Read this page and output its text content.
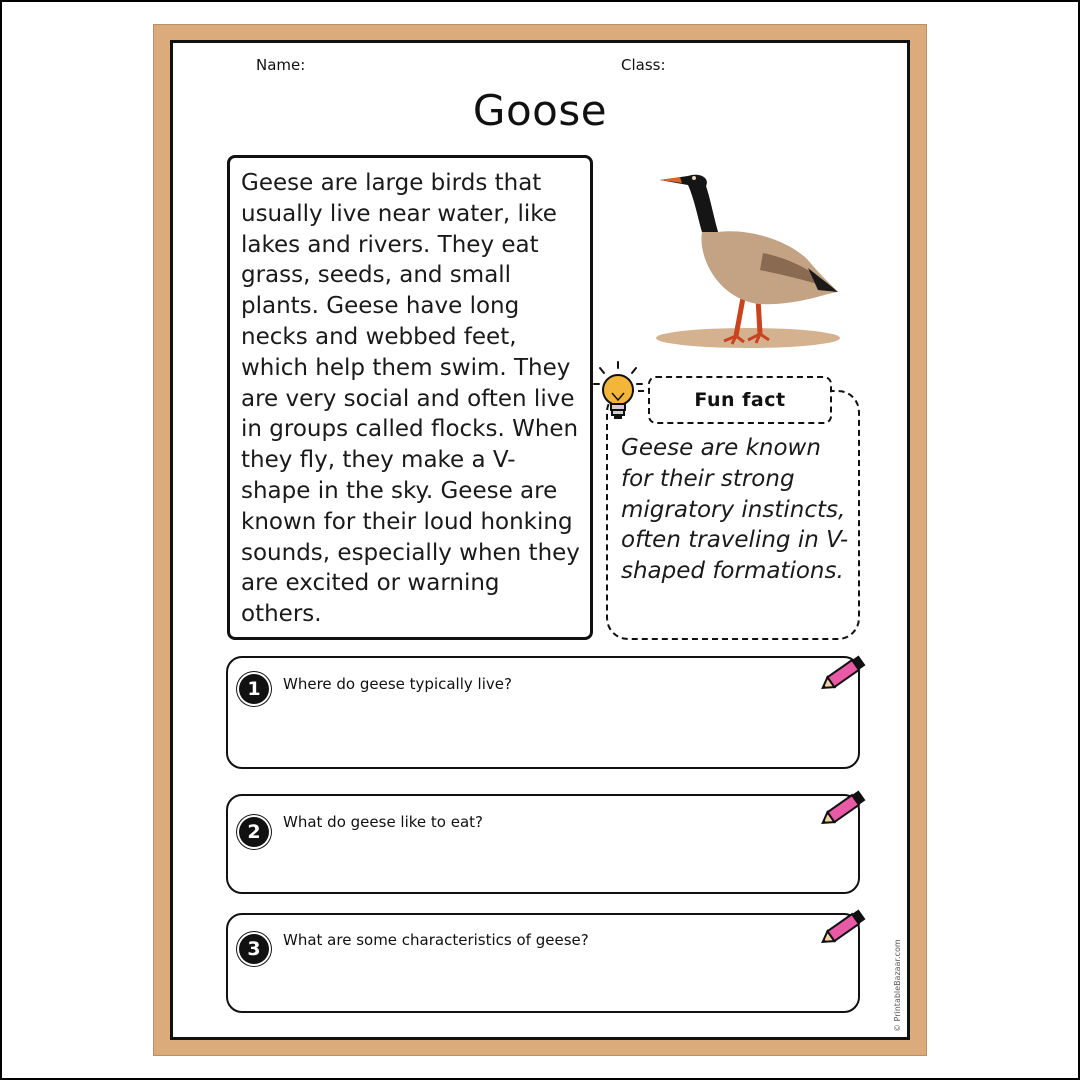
Name:	Class:
Goose
Geese are large birds that usually live near water, like lakes and rivers. They eat grass, seeds, and small plants. Geese have long necks and webbed feet, which help them swim. They are very social and often live in groups called flocks. When they fly, they make a V-shape in the sky. Geese are known for their loud honking sounds, especially when they are excited or warning others.
Fun fact
Geese are known for their strong migratory instincts, often traveling in V-shaped formations.
1	Where do geese typically live?
2	What do geese like to eat?
3	What are some characteristics of geese?	© PrintableBazaar.com
